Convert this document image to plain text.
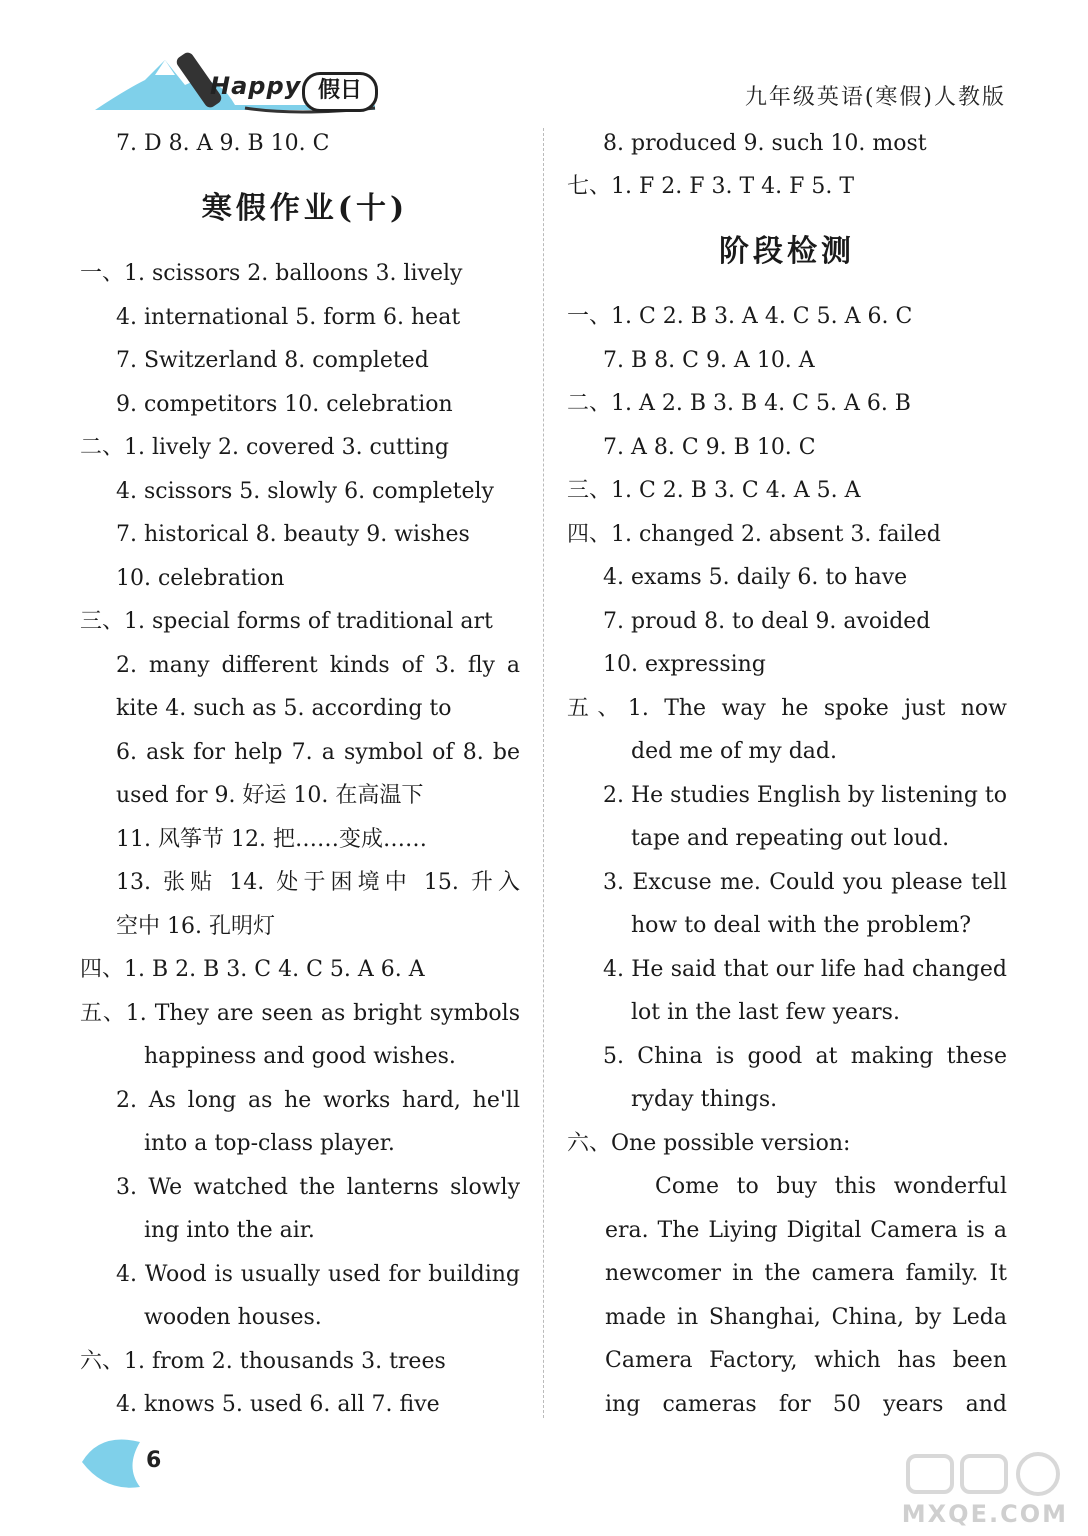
Happy 假日	九年级英语(寒假)人教版
7. D 8. A 9. B 10. C
寒假作业(十)
一、1. scissors 2. balloons 3. lively
4. international 5. form 6. heat
7. Switzerland 8. completed
9. competitors 10. celebration
二、1. lively 2. covered 3. cutting
4. scissors 5. slowly 6. completely
7. historical 8. beauty 9. wishes
10. celebration
三、1. special forms of traditional art
2. many different kinds of 3. fly a
kite 4. such as 5. according to
6. ask for help 7. a symbol of 8. be
used for 9. 好运 10. 在高温下
11. 风筝节 12. 把……变成……
13. 张贴 14. 处于困境中 15. 升入
空中 16. 孔明灯
四、1. B 2. B 3. C 4. C 5. A 6. A
五、1. They are seen as bright symbols
happiness and good wishes.
2. As long as he works hard, he'll
into a top-class player.
3. We watched the lanterns slowly
ing into the air.
4. Wood is usually used for building
wooden houses.
六、1. from 2. thousands 3. trees
4. knows 5. used 6. all 7. five
8. produced 9. such 10. most
七、1. F 2. F 3. T 4. F 5. T
阶段检测
一、1. C 2. B 3. A 4. C 5. A 6. C
7. B 8. C 9. A 10. A
二、1. A 2. B 3. B 4. C 5. A 6. B
7. A 8. C 9. B 10. C
三、1. C 2. B 3. C 4. A 5. A
四、1. changed 2. absent 3. failed
4. exams 5. daily 6. to have
7. proud 8. to deal 9. avoided
10. expressing
五、1. The way he spoke just now
ded me of my dad.
2. He studies English by listening to
tape and repeating out loud.
3. Excuse me. Could you please tell
how to deal with the problem?
4. He said that our life had changed
lot in the last few years.
5. China is good at making these
ryday things.
六、One possible version:
Come to buy this wonderful
era. The Liying Digital Camera is a
newcomer in the camera family. It
made in Shanghai, China, by Leda
Camera Factory, which has been
ing cameras for 50 years and
6
MXQE.COM
